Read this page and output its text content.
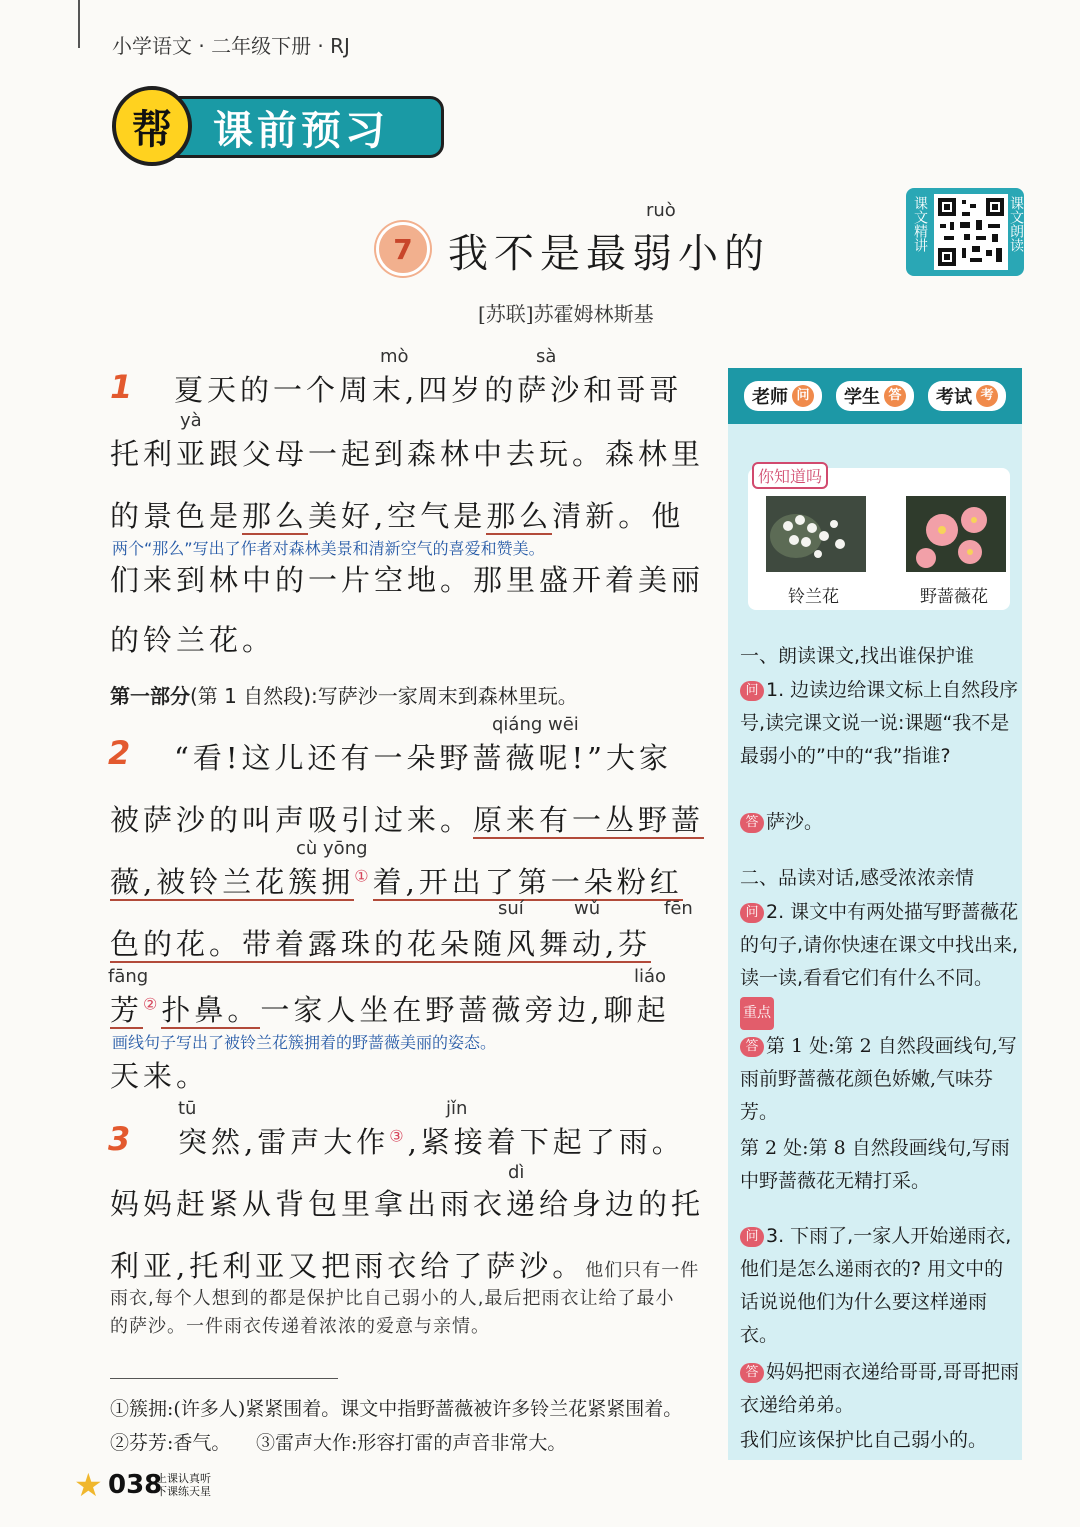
小学语文 · 二年级下册 · RJ
课前预习
帮
7
ruò
我不是最弱小的
[苏联]苏霍姆林斯基
课文精讲	课文朗读
1
mò	sà
夏天的一个周末,四岁的萨沙和哥哥
yà
托利亚跟父母一起到森林中去玩。森林里
的景色是那么美好,空气是那么清新。他
两个“那么”写出了作者对森林美景和清新空气的喜爱和赞美。
们来到林中的一片空地。那里盛开着美丽
的铃兰花。
第一部分(第 1 自然段):写萨沙一家周末到森林里玩。
qiáng wēi
2 “看!这儿还有一朵野蔷薇呢!”大家
被萨沙的叫声吸引过来。原来有一丛野蔷
cù yōng
薇,被铃兰花簇拥①着,开出了第一朵粉红
suí	wǔ	fēn
色的花。带着露珠的花朵随风舞动,芬
fāng	liáo
芳②扑鼻。一家人坐在野蔷薇旁边,聊起
画线句子写出了被铃兰花簇拥着的野蔷薇美丽的姿态。
天来。
tū	jǐn
3 突然,雷声大作③,紧接着下起了雨。
dì
妈妈赶紧从背包里拿出雨衣递给身边的托
利亚,托利亚又把雨衣给了萨沙。他们只有一件
雨衣,每个人想到的都是保护比自己弱小的人,最后把雨衣让给了最小
的萨沙。一件雨衣传递着浓浓的爱意与亲情。
①簇拥:(许多人)紧紧围着。课文中指野蔷薇被许多铃兰花紧紧围着。
②芬芳:香气。 ③雷声大作:形容打雷的声音非常大。
★ 038
上课认真听
下课练天星
老师 问 学生 答 考试 考
你知道吗
铃兰花	野蔷薇花
一、朗读课文,找出谁保护谁
问 1. 边读边给课文标上自然段序号,读完课文说一说:课题“我不是最弱小的”中的“我”指谁?
答 萨沙。
二、品读对话,感受浓浓亲情
问 2. 课文中有两处描写野蔷薇花的句子,请你快速在课文中找出来,读一读,看看它们有什么不同。重点
答 第 1 处:第 2 自然段画线句,写雨前野蔷薇花颜色娇嫩,气味芬芳。
第 2 处:第 8 自然段画线句,写雨中野蔷薇花无精打采。
问 3. 下雨了,一家人开始递雨衣,他们是怎么递雨衣的? 用文中的话说说他们为什么要这样递雨衣。
答 妈妈把雨衣递给哥哥,哥哥把雨衣递给弟弟。
我们应该保护比自己弱小的。
